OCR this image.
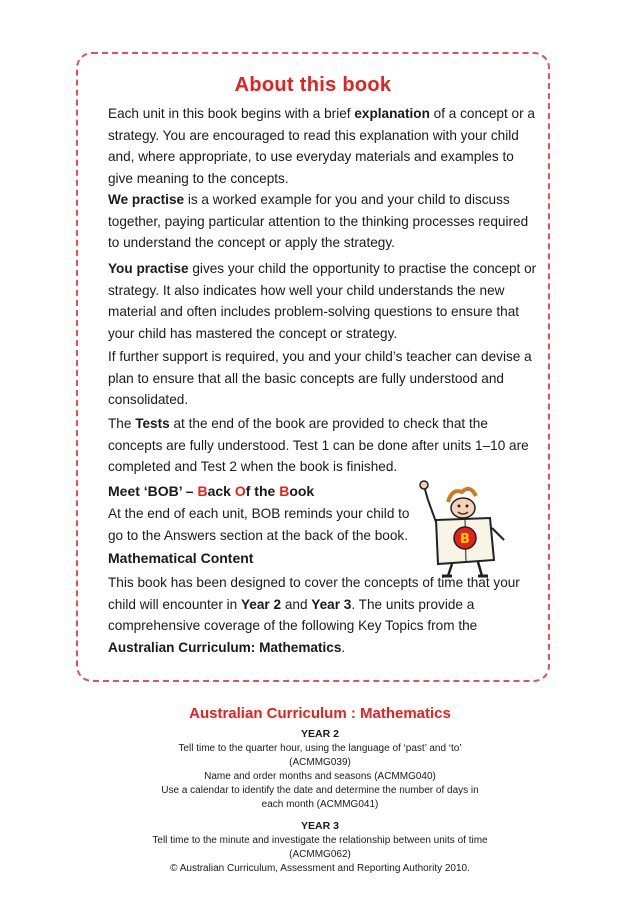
About this book

Each unit in this book begins with a brief explanation of a concept or a strategy. You are encouraged to read this explanation with your child and, where appropriate, to use everyday materials and examples to give meaning to the concepts.

We practise is a worked example for you and your child to discuss together, paying particular attention to the thinking processes required to understand the concept or apply the strategy.

You practise gives your child the opportunity to practise the concept or strategy. It also indicates how well your child understands the new material and often includes problem-solving questions to ensure that your child has mastered the concept or strategy.

If further support is required, you and your child’s teacher can devise a plan to ensure that all the basic concepts are fully understood and consolidated.

The Tests at the end of the book are provided to check that the concepts are fully understood. Test 1 can be done after units 1–10 are completed and Test 2 when the book is finished.

Meet ‘BOB’ – Back Of the Book

At the end of each unit, BOB reminds your child to go to the Answers section at the back of the book.	B

Mathematical Content

This book has been designed to cover the concepts of time that your child will encounter in Year 2 and Year 3. The units provide a comprehensive coverage of the following Key Topics from the Australian Curriculum: Mathematics.

Australian Curriculum : Mathematics

YEAR 2
Tell time to the quarter hour, using the language of ‘past’ and ‘to’
(ACMMG039)
Name and order months and seasons (ACMMG040)
Use a calendar to identify the date and determine the number of days in
each month (ACMMG041)

YEAR 3
Tell time to the minute and investigate the relationship between units of time
(ACMMG062)
© Australian Curriculum, Assessment and Reporting Authority 2010.
